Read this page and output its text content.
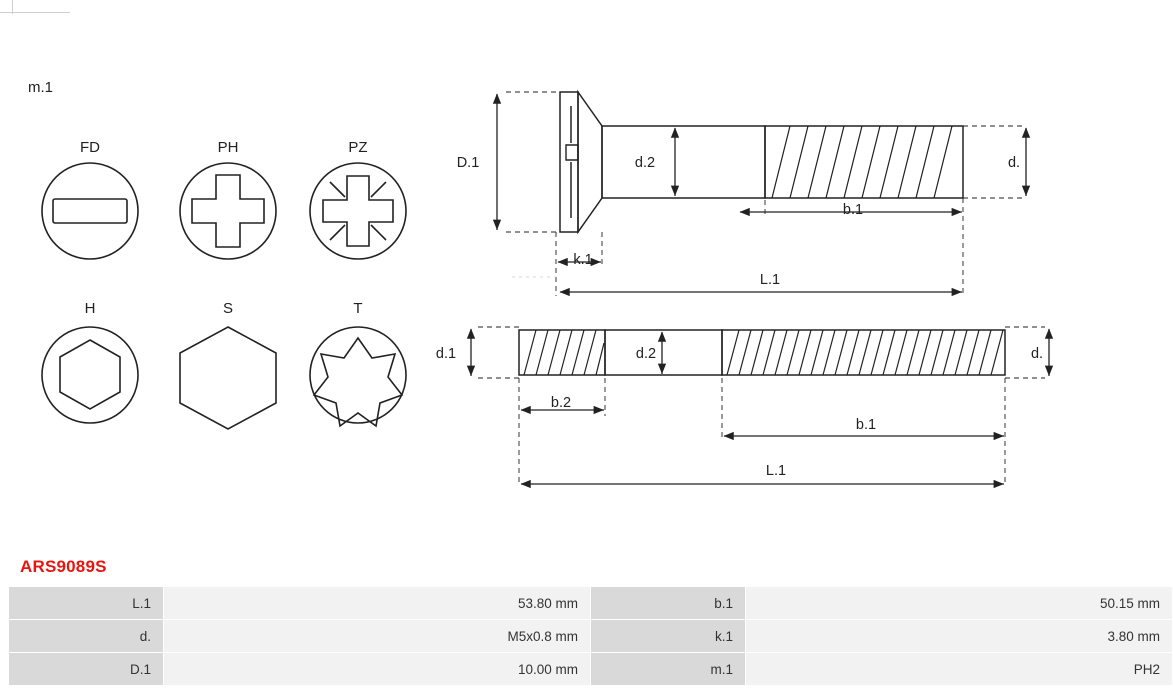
m.1
FD	PH	PZ
H	S	T
D.1	d.2	d.
b.1
k.1
L.1
d.1	d.2	d.
b.2
b.1
L.1
ARS9089S
L.1	53.80 mm	b.1	50.15 mm
d.	M5x0.8 mm	k.1	3.80 mm
D.1	10.00 mm	m.1	PH2
